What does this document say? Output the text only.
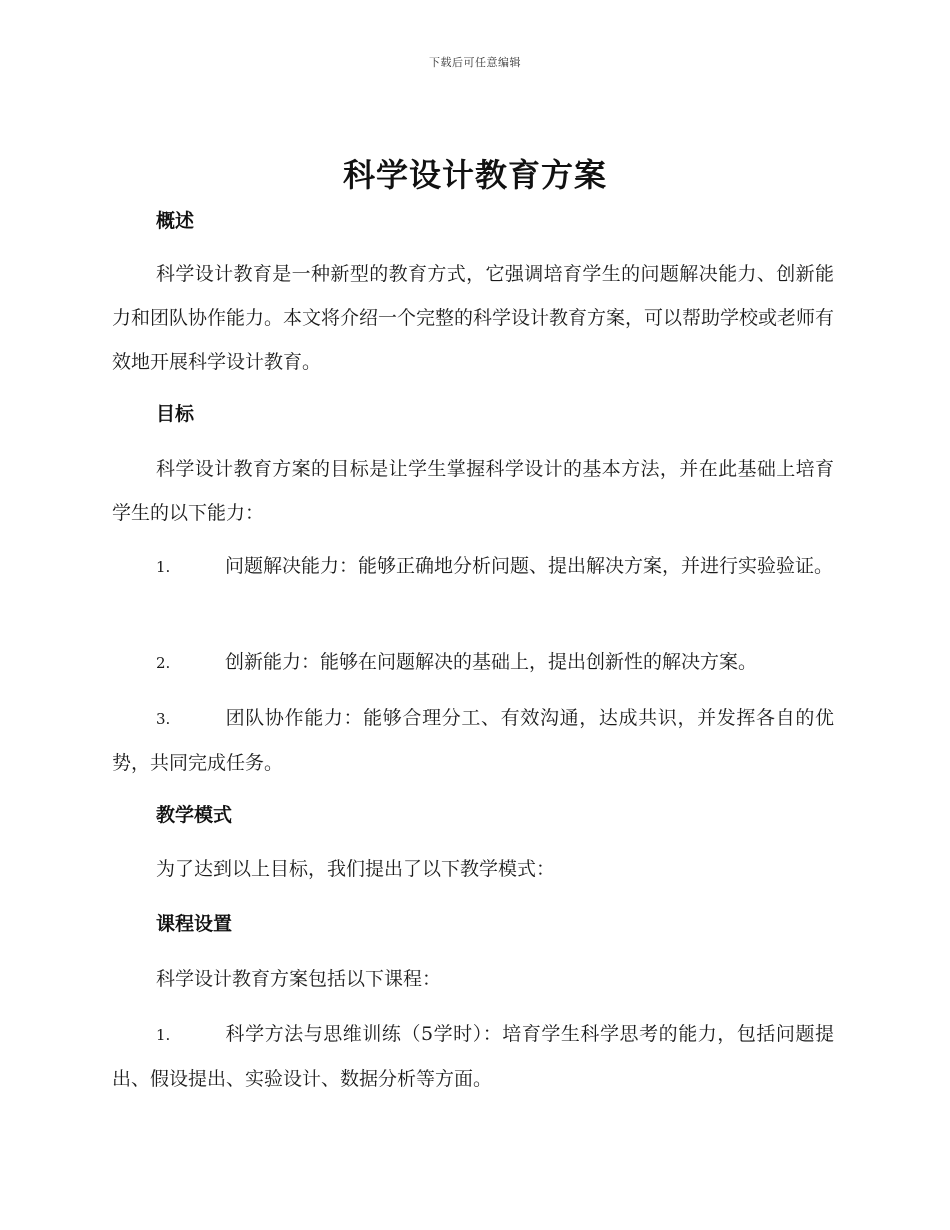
下载后可任意编辑
科学设计教育方案
概述
科学设计教育是一种新型的教育方式，它强调培育学生的问题解决能力、创新能力和团队协作能力。本文将介绍一个完整的科学设计教育方案，可以帮助学校或老师有效地开展科学设计教育。
目标
科学设计教育方案的目标是让学生掌握科学设计的基本方法，并在此基础上培育学生的以下能力：
1.	问题解决能力：能够正确地分析问题、提出解决方案，并进行实验验证。
2.	创新能力：能够在问题解决的基础上，提出创新性的解决方案。
3.	团队协作能力：能够合理分工、有效沟通，达成共识，并发挥各自的优势，共同完成任务。
教学模式
为了达到以上目标，我们提出了以下教学模式：
课程设置
科学设计教育方案包括以下课程：
1.	科学方法与思维训练（5学时）：培育学生科学思考的能力，包括问题提出、假设提出、实验设计、数据分析等方面。
